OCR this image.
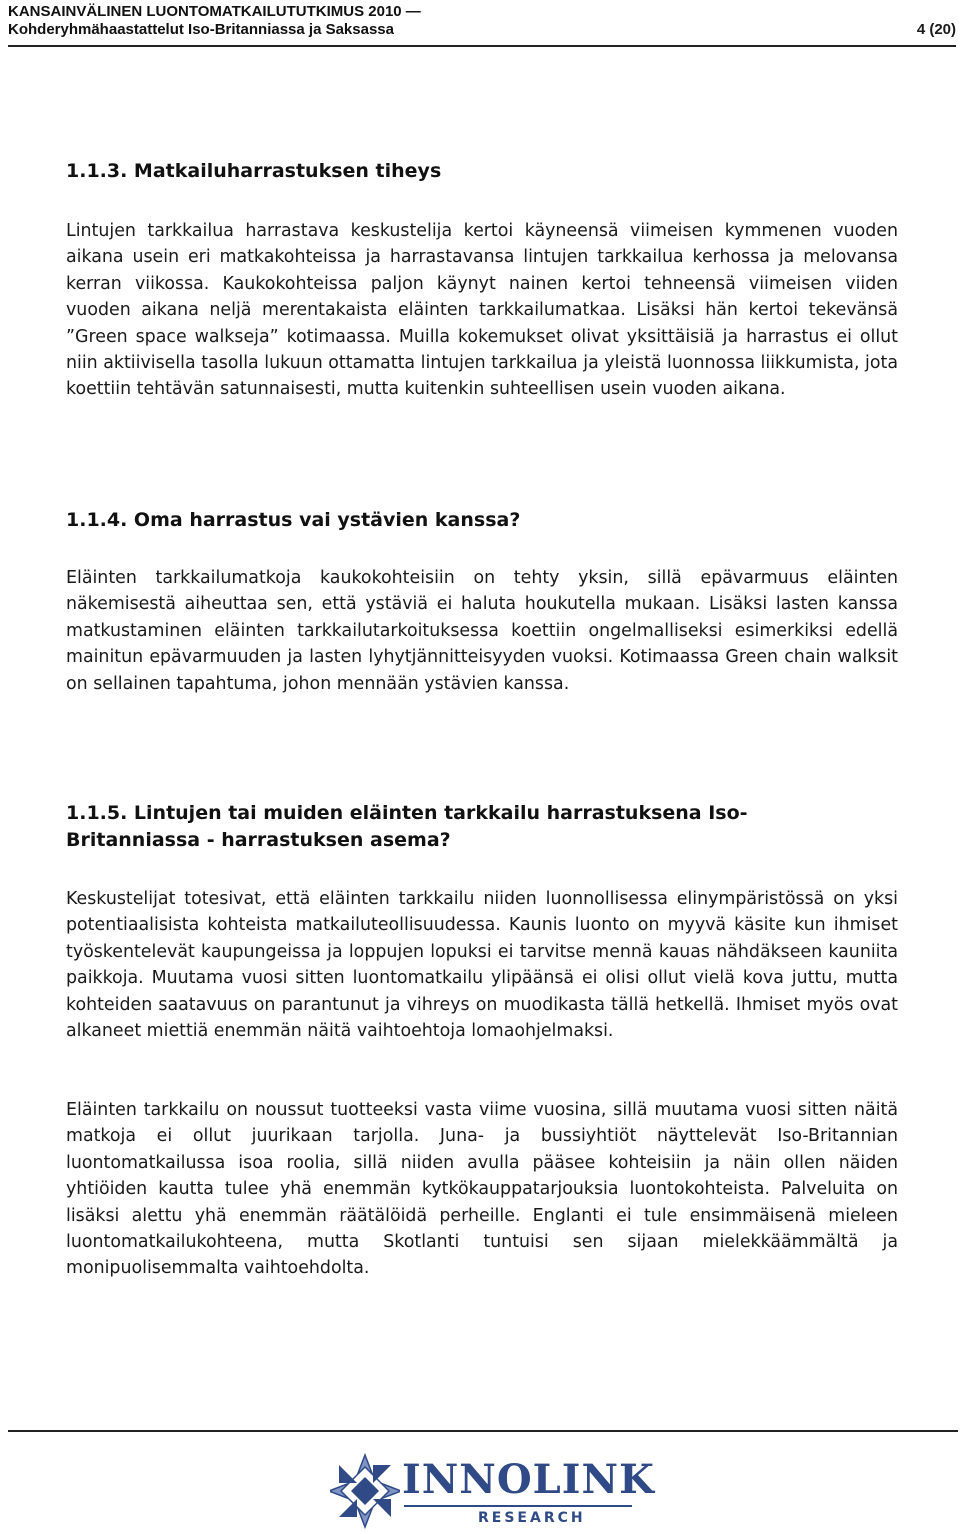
KANSAINVÄLINEN LUONTOMATKAILUTUTKIMUS 2010 —
Kohderyhmähaastattelut Iso-Britanniassa ja Saksassa	4 (20)
1.1.3. Matkailuharrastuksen tiheys

Lintujen tarkkailua harrastava keskustelija kertoi käyneensä viimeisen kymmenen vuoden aikana usein eri matkakohteissa ja harrastavansa lintujen tarkkailua kerhossa ja melovansa kerran viikossa. Kaukokohteissa paljon käynyt nainen kertoi tehneensä viimeisen viiden vuoden aikana neljä merentakaista eläinten tarkkailumatkaa. Lisäksi hän kertoi tekevänsä ”Green space walkseja” kotimaassa. Muilla kokemukset olivat yksittäisiä ja harrastus ei ollut niin aktiivisella tasolla lukuun ottamatta lintujen tarkkailua ja yleistä luonnossa liikkumista, jota koettiin tehtävän satunnaisesti, mutta kuitenkin suhteellisen usein vuoden aikana.

1.1.4. Oma harrastus vai ystävien kanssa?

Eläinten tarkkailumatkoja kaukokohteisiin on tehty yksin, sillä epävarmuus eläinten näkemisestä aiheuttaa sen, että ystäviä ei haluta houkutella mukaan. Lisäksi lasten kanssa matkustaminen eläinten tarkkailutarkoituksessa koettiin ongelmalliseksi esimerkiksi edellä mainitun epävarmuuden ja lasten lyhytjännitteisyyden vuoksi. Kotimaassa Green chain walksit on sellainen tapahtuma, johon mennään ystävien kanssa.

1.1.5. Lintujen tai muiden eläinten tarkkailu harrastuksena Iso-
Britanniassa - harrastuksen asema?

Keskustelijat totesivat, että eläinten tarkkailu niiden luonnollisessa elinympäristössä on yksi potentiaalisista kohteista matkailuteollisuudessa. Kaunis luonto on myyvä käsite kun ihmiset työskentelevät kaupungeissa ja loppujen lopuksi ei tarvitse mennä kauas nähdäkseen kauniita paikkoja. Muutama vuosi sitten luontomatkailu ylipäänsä ei olisi ollut vielä kova juttu, mutta kohteiden saatavuus on parantunut ja vihreys on muodikasta tällä hetkellä. Ihmiset myös ovat alkaneet miettiä enemmän näitä vaihtoehtoja lomaohjelmaksi.

Eläinten tarkkailu on noussut tuotteeksi vasta viime vuosina, sillä muutama vuosi sitten näitä matkoja ei ollut juurikaan tarjolla. Juna- ja bussiyhtiöt näyttelevät Iso-Britannian luontomatkailussa isoa roolia, sillä niiden avulla pääsee kohteisiin ja näin ollen näiden yhtiöiden kautta tulee yhä enemmän kytkökauppatarjouksia luontokohteista. Palveluita on lisäksi alettu yhä enemmän räätälöidä perheille. Englanti ei tule ensimmäisenä mieleen luontomatkailukohteena, mutta Skotlanti tuntuisi sen sijaan mielekkäämmältä ja monipuolisemmalta vaihtoehdolta.

INNOLINK
RESEARCH
